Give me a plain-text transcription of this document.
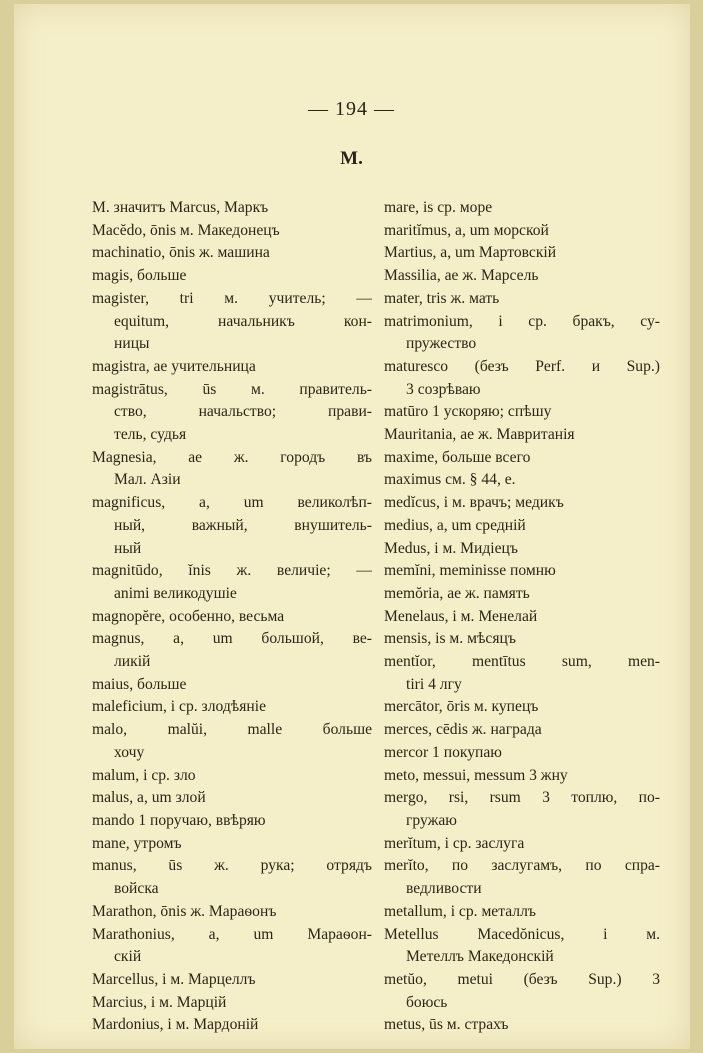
— 194 —
M.
M. значитъ Marcus, Маркъ
Macĕdo, ōnis м. Македонецъ
machinatio, ōnis ж. машина
magis, больше
magister, tri м. учитель; —
equitum, начальникъ кон-
ницы
magistra, ae учительница
magistrātus, ūs м. правитель-
ство, начальство; прави-
тель, судья
Magnesia, ae ж. городъ въ
Мал. Азіи
magnificus, a, um великолѣп-
ный, важный, внушитель-
ный
magnitūdo, ĭnis ж. величіе; —
animi великодушіе
magnopĕre, особенно, весьма
magnus, a, um большой, ве-
ликій
maius, больше
maleficium, i ср. злодѣяніе
malo, malŭi, malle больше
хочу
malum, i ср. зло
malus, a, um злой
mando 1 поручаю, ввѣряю
mane, утромъ
manus, ūs ж. рука; отрядъ
войска
Marathon, ōnis ж. Мараѳонъ
Marathonius, a, um Мараѳон-
скій
Marcellus, i м. Марцеллъ
Marcius, i м. Марцій
Mardonius, i м. Мардоній
mare, is ср. море
maritĭmus, a, um морской
Martius, a, um Мартовскій
Massilia, ae ж. Марсель
mater, tris ж. мать
matrimonium, i ср. бракъ, су-
пружество
maturesco (безъ Perf. и Sup.)
3 созрѣваю
matūro 1 ускоряю; спѣшу
Mauritania, ae ж. Мавританія
maxime, больше всего
maximus см. § 44, e.
medĭcus, i м. врачъ; медикъ
medius, a, um средній
Medus, i м. Мидіецъ
memĭni, meminisse помню
memŏria, ae ж. память
Menelaus, i м. Менелай
mensis, is м. мѣсяцъ
mentĭor, mentītus sum, men-
tiri 4 лгу
mercātor, ōris м. купецъ
merces, cēdis ж. награда
mercor 1 покупаю
meto, messui, messum 3 жну
mergo, rsi, rsum 3 топлю, по-
гружаю
merĭtum, i ср. заслуга
merĭto, по заслугамъ, по спра-
ведливости
metallum, i ср. металлъ
Metellus Macedŏnicus, i м.
Метеллъ Македонскій
metŭo, metui (безъ Sup.) 3
боюсь
metus, ūs м. страхъ
